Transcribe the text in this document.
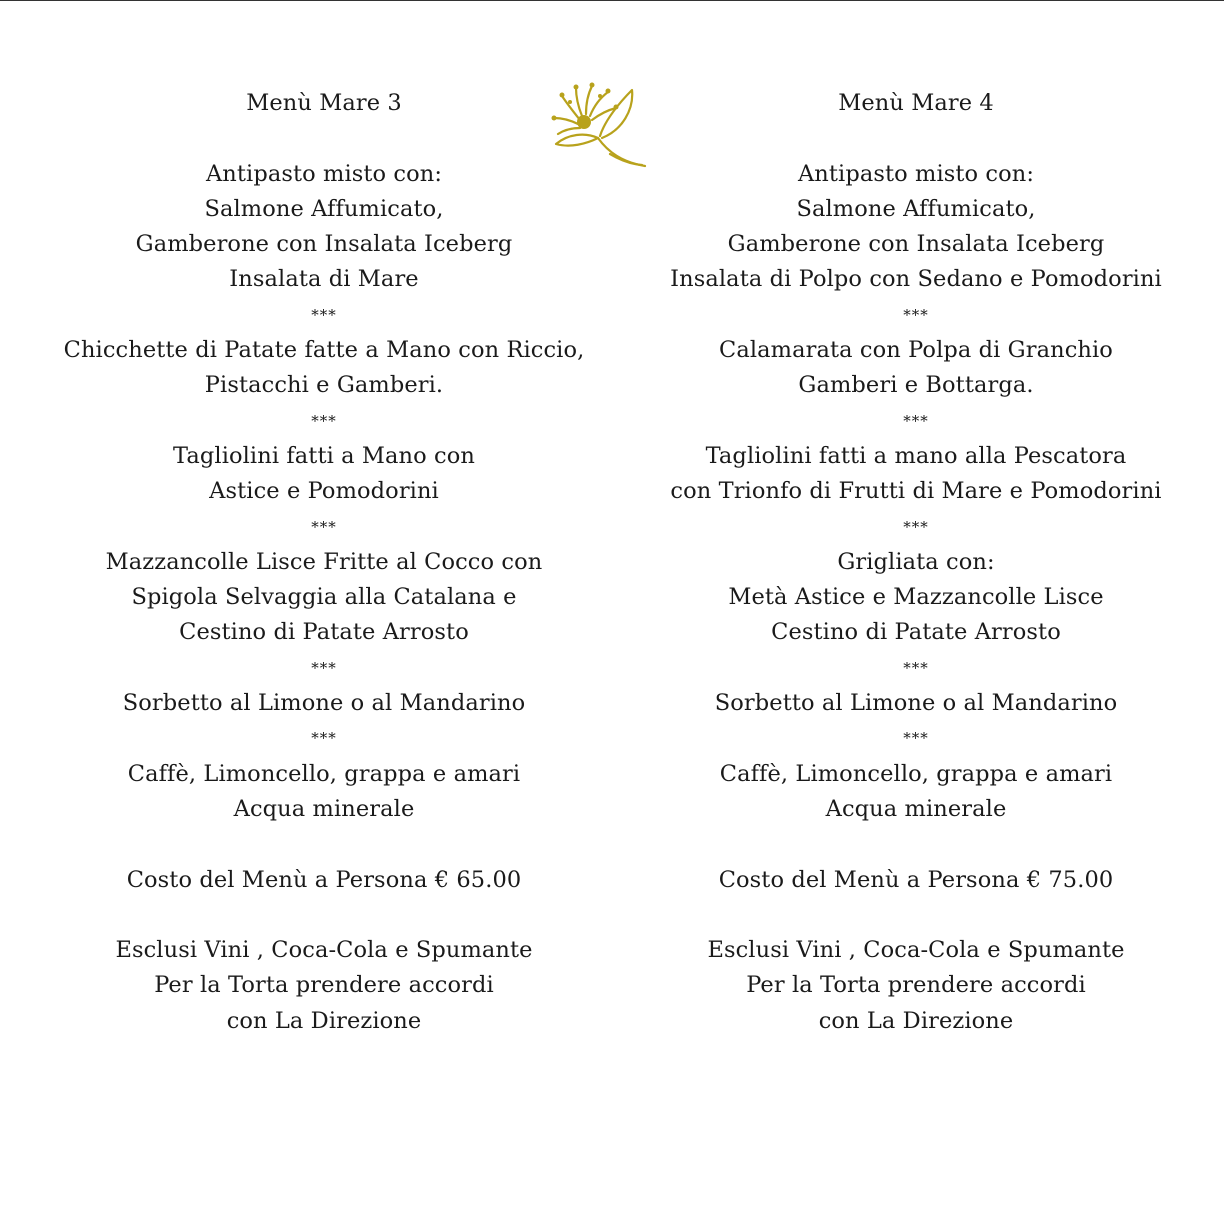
Menù Mare 3

Antipasto misto con:

Salmone Affumicato,

Gamberone con Insalata Iceberg

Insalata di Mare

***

Chicchette di Patate fatte a Mano con Riccio,

Pistacchi e Gamberi.

***

Tagliolini fatti a Mano con

Astice e Pomodorini

***

Mazzancolle Lisce Fritte al Cocco con

Spigola Selvaggia alla Catalana e

Cestino di Patate Arrosto

***

Sorbetto al Limone o al Mandarino

***

Caffè, Limoncello, grappa e amari

Acqua minerale

Costo del Menù a Persona € 65.00

Esclusi Vini , Coca-Cola e Spumante

Per la Torta prendere accordi

con La Direzione

Menù Mare 4

Antipasto misto con:

Salmone Affumicato,

Gamberone con Insalata Iceberg

Insalata di Polpo con Sedano e Pomodorini

***

Calamarata con Polpa di Granchio

Gamberi e Bottarga.

***

Tagliolini fatti a mano alla Pescatora

con Trionfo di Frutti di Mare e Pomodorini

***

Grigliata con:

Metà Astice e Mazzancolle Lisce

Cestino di Patate Arrosto

***

Sorbetto al Limone o al Mandarino

***

Caffè, Limoncello, grappa e amari

Acqua minerale

Costo del Menù a Persona € 75.00

Esclusi Vini , Coca-Cola e Spumante

Per la Torta prendere accordi

con La Direzione
